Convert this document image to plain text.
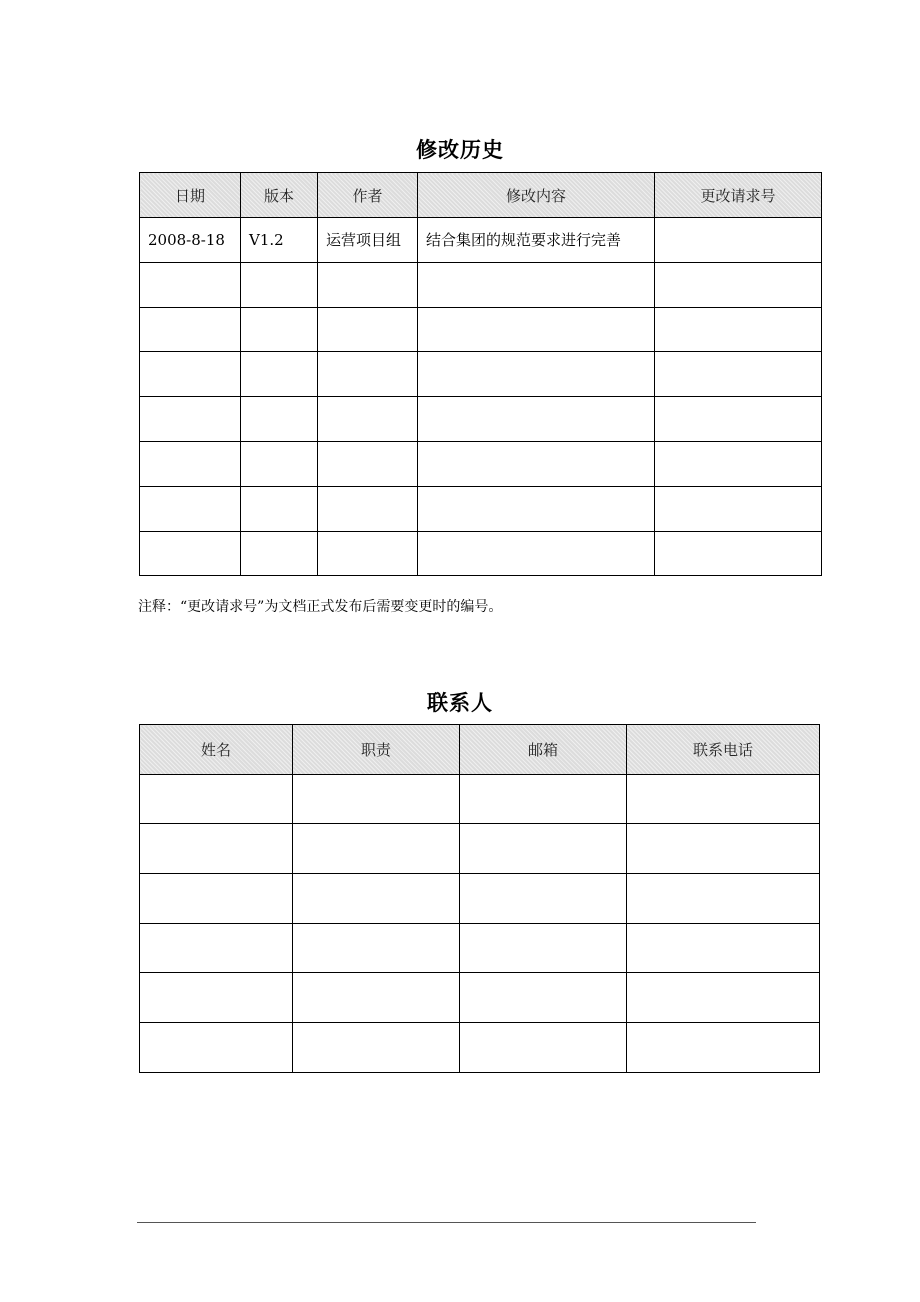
修改历史
日期	版本	作者	修改内容	更改请求号
2008-8-18	V1.2	运营项目组	结合集团的规范要求进行完善	

注释：“更改请求号”为文档正式发布后需要变更时的编号。
联系人
姓名	职责	邮箱	联系电话
